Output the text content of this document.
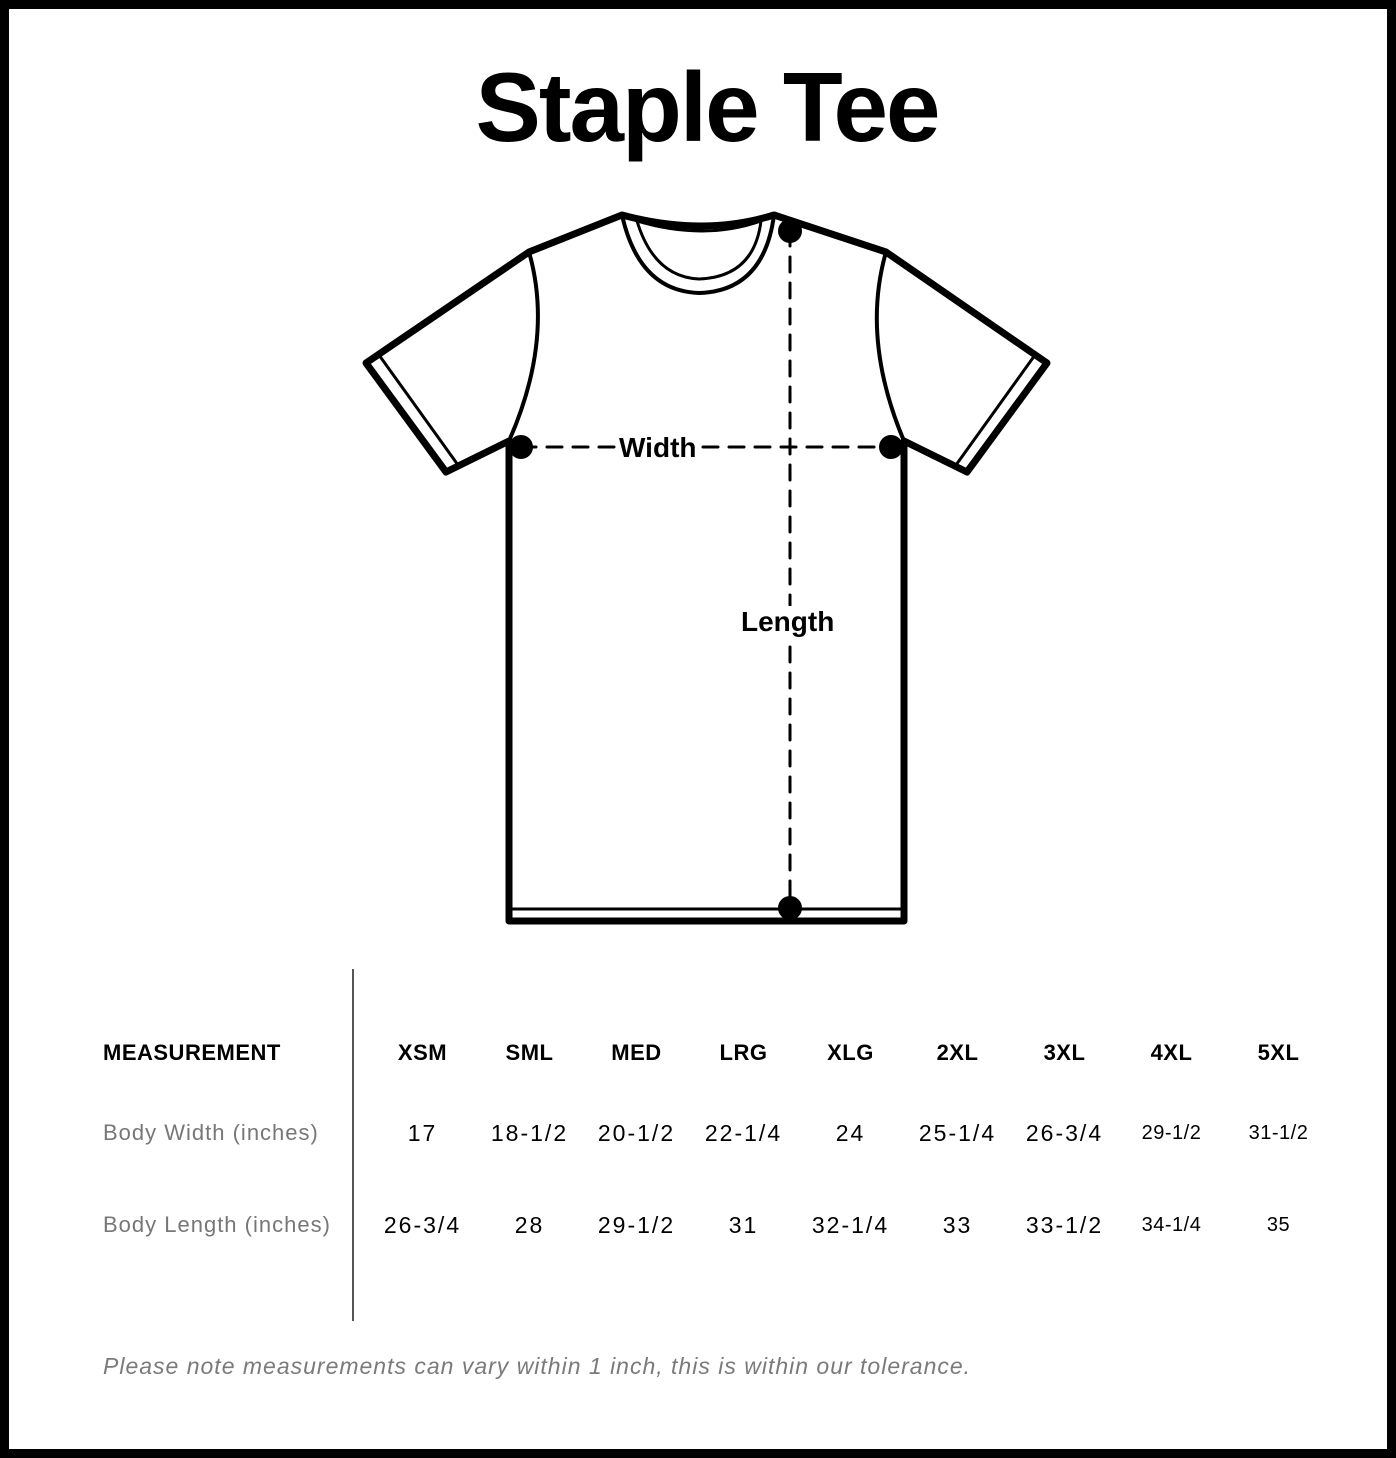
Staple Tee
Width
Length
MEASUREMENT	XSM	SML	MED	LRG	XLG	2XL	3XL	4XL	5XL
Body Width (inches)	17	18-1/2	20-1/2	22-1/4	24	25-1/4	26-3/4	29-1/2	31-1/2
Body Length (inches)	26-3/4	28	29-1/2	31	32-1/4	33	33-1/2	34-1/4	35
Please note measurements can vary within 1 inch, this is within our tolerance.
